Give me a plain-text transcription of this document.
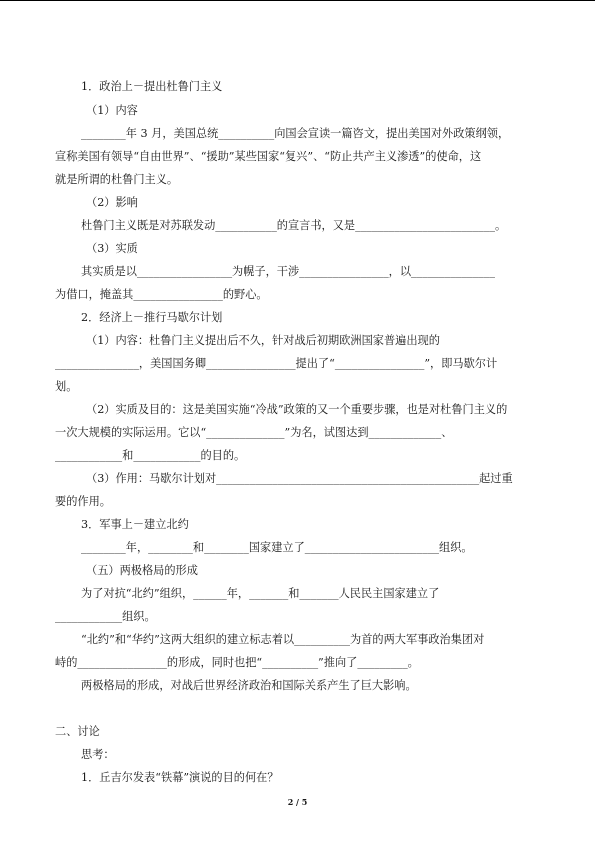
1．政治上－提出杜鲁门主义
（1）内容
________年 3 月，美国总统__________向国会宣读一篇咨文，提出美国对外政策纲领，
宣称美国有领导“自由世界”、“援助”某些国家“复兴”、“防止共产主义渗透”的使命，这
就是所谓的杜鲁门主义。
（2）影响
杜鲁门主义既是对苏联发动___________的宣言书，又是_________________________。
（3）实质
其实质是以_________________为幌子，干涉________________，以_______________
为借口，掩盖其________________的野心。
2．经济上－推行马歇尔计划
（1）内容：杜鲁门主义提出后不久，针对战后初期欧洲国家普遍出现的
_______________，美国国务卿________________提出了“________________”，即马歇尔计
划。
（2）实质及目的：这是美国实施“冷战”政策的又一个重要步骤，也是对杜鲁门主义的
一次大规模的实际运用。它以“______________”为名，试图达到_____________、
____________和____________的目的。
（3）作用：马歇尔计划对_______________________________________________起过重
要的作用。
3．军事上－建立北约
________年，________和________国家建立了________________________组织。
（五）两极格局的形成
为了对抗“北约”组织，______年，_______和_______人民民主国家建立了
____________组织。
“北约”和“华约”这两大组织的建立标志着以__________为首的两大军事政治集团对
峙的________________的形成，同时也把“__________”推向了_________。
两极格局的形成，对战后世界经济政治和国际关系产生了巨大影响。
二、讨论
思考：
1．丘吉尔发表“铁幕”演说的目的何在？
2 / 5
